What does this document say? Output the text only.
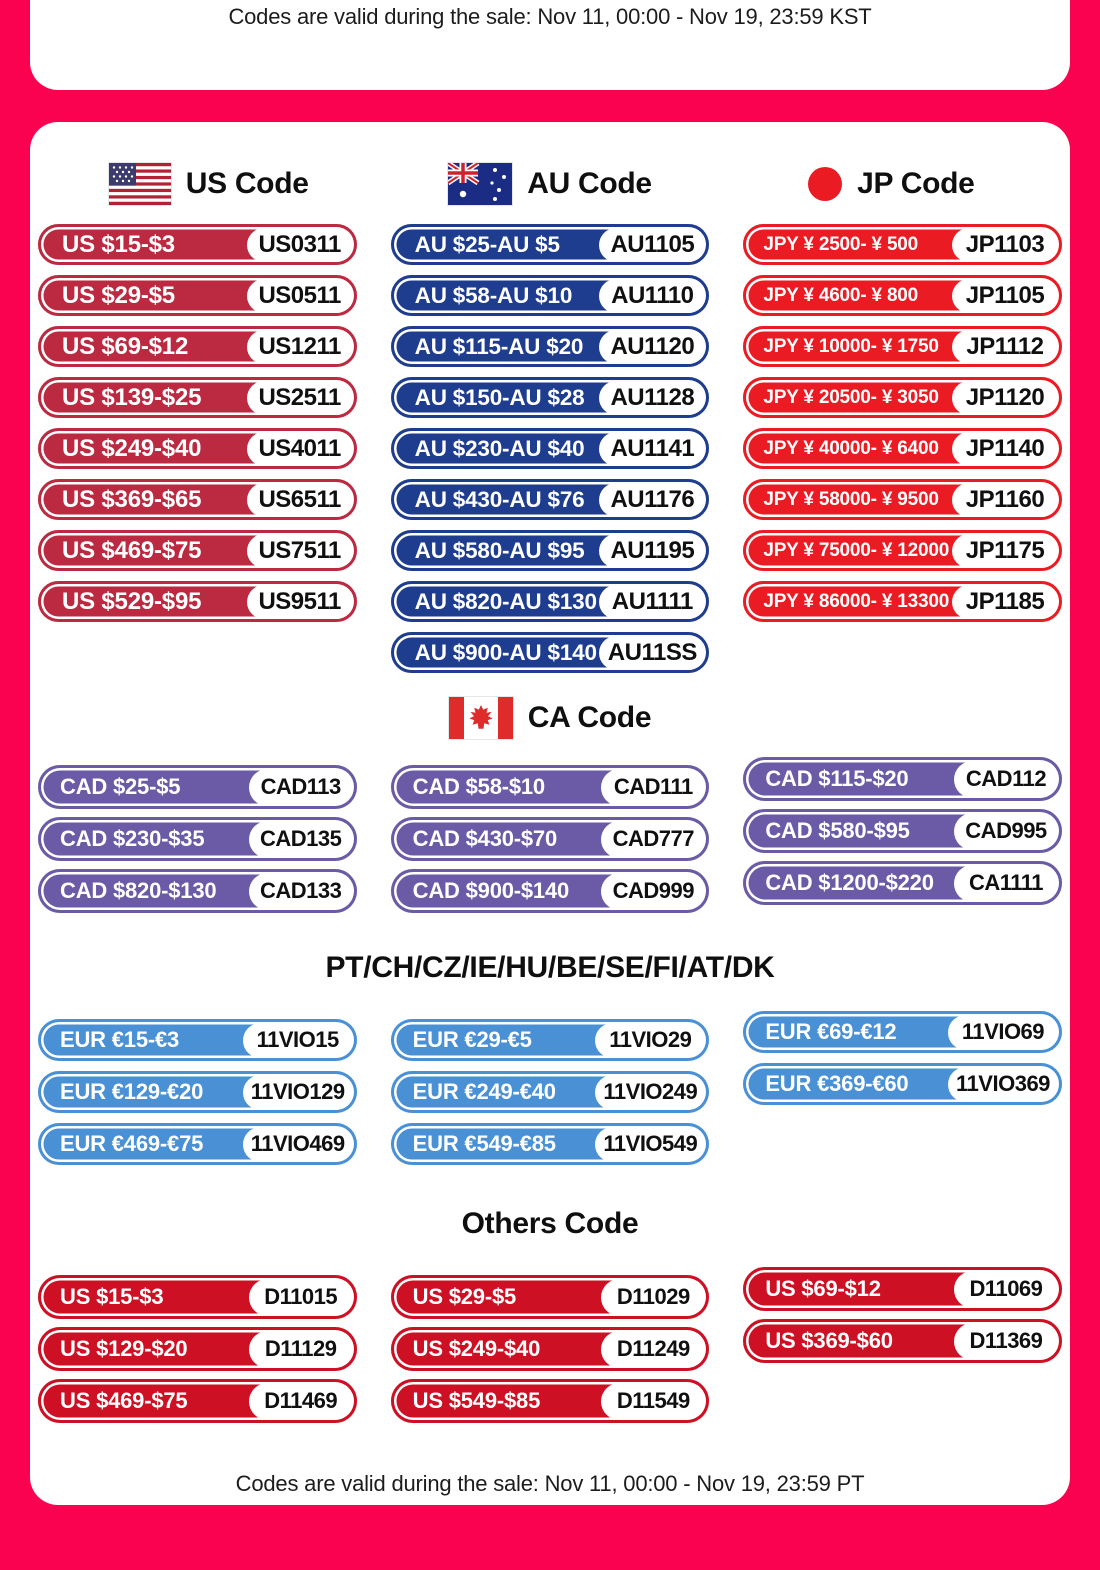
Codes are valid during the sale: Nov 11, 00:00 - Nov 19, 23:59 KST
US Code	AU Code	JP Code
US $15-$3	US0311
US $29-$5	US0511
US $69-$12	US1211
US $139-$25	US2511
US $249-$40	US4011
US $369-$65	US6511
US $469-$75	US7511
US $529-$95	US9511
AU $25-AU $5	AU1105
AU $58-AU $10	AU1110
AU $115-AU $20	AU1120
AU $150-AU $28	AU1128
AU $230-AU $40	AU1141
AU $430-AU $76	AU1176
AU $580-AU $95	AU1195
AU $820-AU $130 AU1111
AU $900-AU $140 AU11SS
JPY ¥ 2500- ¥ 500	JP1103
JPY ¥ 4600- ¥ 800	JP1105
JPY ¥ 10000- ¥ 1750	JP1112
JPY ¥ 20500- ¥ 3050	JP1120
JPY ¥ 40000- ¥ 6400	JP1140
JPY ¥ 58000- ¥ 9500	JP1160
JPY ¥ 75000- ¥ 12000 JP1175
JPY ¥ 86000- ¥ 13300 JP1185
CA Code
CAD $25-$5	CAD113	CAD $58-$10	CAD111	CAD $115-$20	CAD112
CAD $230-$35	CAD135	CAD $430-$70	CAD777	CAD $580-$95	CAD995
CAD $820-$130	CAD133	CAD $900-$140	CAD999	CAD $1200-$220	CA1111
PT/CH/CZ/IE/HU/BE/SE/FI/AT/DK
EUR €15-€3	11VIO15	EUR €29-€5	11VIO29	EUR €69-€12	11VIO69
EUR €129-€20	11VIO129	EUR €249-€40	11VIO249	EUR €369-€60	11VIO369
EUR €469-€75	11VIO469	EUR €549-€85	11VIO549
Others Code
US $15-$3	D11015	US $29-$5	D11029	US $69-$12	D11069
US $129-$20	D11129	US $249-$40	D11249	US $369-$60	D11369
US $469-$75	D11469	US $549-$85	D11549
Codes are valid during the sale: Nov 11, 00:00 - Nov 19, 23:59 PT
